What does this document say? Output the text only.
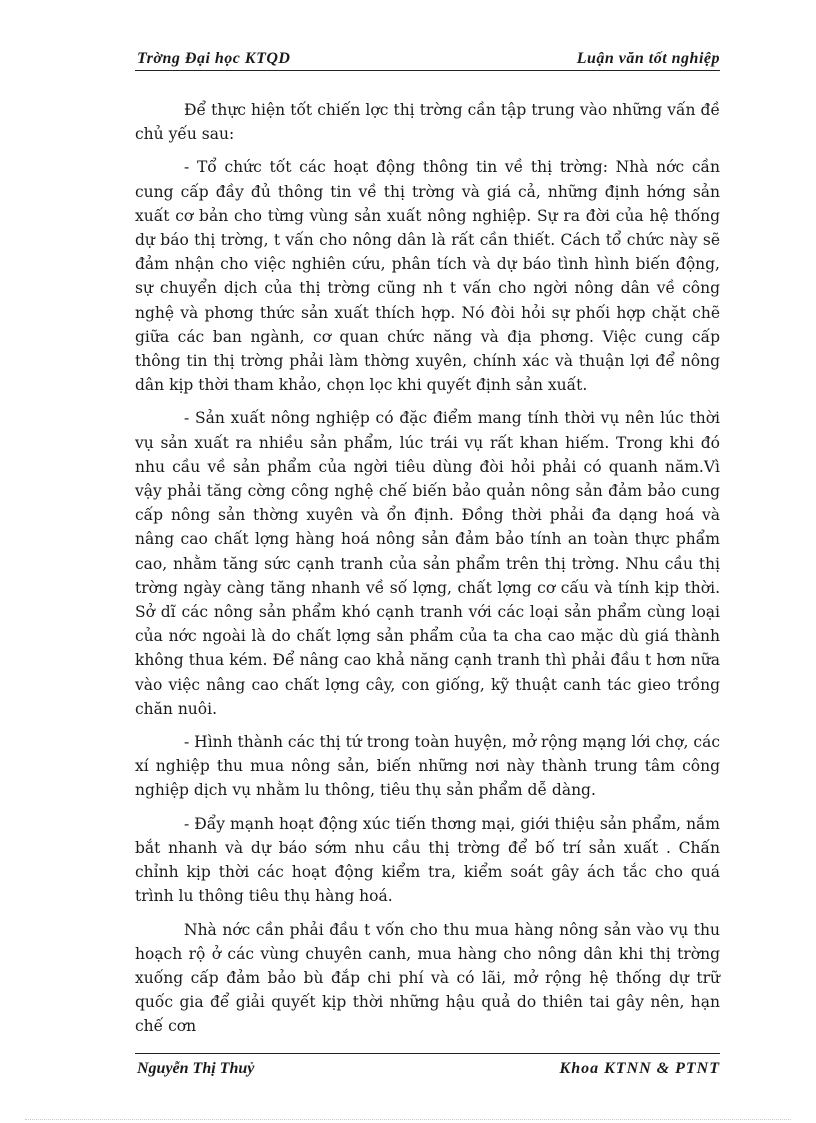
Trờng Đại học KTQD	Luận văn tốt nghiệp

Để thực hiện tốt chiến lợc thị trờng cần tập trung vào những vấn đề chủ yếu sau:

- Tổ chức tốt các hoạt động thông tin về thị trờng: Nhà nớc cần cung cấp đầy đủ thông tin về thị trờng và giá cả, những định hớng sản xuất cơ bản cho từng vùng sản xuất nông nghiệp. Sự ra đời của hệ thống dự báo thị trờng, t vấn cho nông dân là rất cần thiết. Cách tổ chức này sẽ đảm nhận cho việc nghiên cứu, phân tích và dự báo tình hình biến động, sự chuyển dịch của thị trờng cũng nh t vấn cho ngời nông dân về công nghệ và phơng thức sản xuất thích hợp. Nó đòi hỏi sự phối hợp chặt chẽ giữa các ban ngành, cơ quan chức năng và địa phơng. Việc cung cấp thông tin thị trờng phải làm thờng xuyên, chính xác và thuận lợi để nông dân kịp thời tham khảo, chọn lọc khi quyết định sản xuất.

- Sản xuất nông nghiệp có đặc điểm mang tính thời vụ nên lúc thời vụ sản xuất ra nhiều sản phẩm, lúc trái vụ rất khan hiếm. Trong khi đó nhu cầu về sản phẩm của ngời tiêu dùng đòi hỏi phải có quanh năm.Vì vậy phải tăng cờng công nghệ chế biến bảo quản nông sản đảm bảo cung cấp nông sản thờng xuyên và ổn định. Đồng thời phải đa dạng hoá và nâng cao chất lợng hàng hoá nông sản đảm bảo tính an toàn thực phẩm cao, nhằm tăng sức cạnh tranh của sản phẩm trên thị trờng. Nhu cầu thị trờng ngày càng tăng nhanh về số lợng, chất lợng cơ cấu và tính kịp thời. Sở dĩ các nông sản phẩm khó cạnh tranh với các loại sản phẩm cùng loại của nớc ngoài là do chất lợng sản phẩm của ta cha cao mặc dù giá thành không thua kém. Để nâng cao khả năng cạnh tranh thì phải đầu t hơn nữa vào việc nâng cao chất lợng cây, con giống, kỹ thuật canh tác gieo trồng chăn nuôi.

- Hình thành các thị tứ trong toàn huyện, mở rộng mạng lới chợ, các xí nghiệp thu mua nông sản, biến những nơi này thành trung tâm công nghiệp dịch vụ nhằm lu thông, tiêu thụ sản phẩm dễ dàng.

- Đẩy mạnh hoạt động xúc tiến thơng mại, giới thiệu sản phẩm, nắm bắt nhanh và dự báo sớm nhu cầu thị trờng để bố trí sản xuất . Chấn chỉnh kịp thời các hoạt động kiểm tra, kiểm soát gây ách tắc cho quá trình lu thông tiêu thụ hàng hoá.

Nhà nớc cần phải đầu t vốn cho thu mua hàng nông sản vào vụ thu hoạch rộ ở các vùng chuyên canh, mua hàng cho nông dân khi thị trờng xuống cấp đảm bảo bù đắp chi phí và có lãi, mở rộng hệ thống dự trữ quốc gia để giải quyết kịp thời những hậu quả do thiên tai gây nên, hạn chế cơn

Nguyễn Thị Thuỷ	Khoa KTNN & PTNT
